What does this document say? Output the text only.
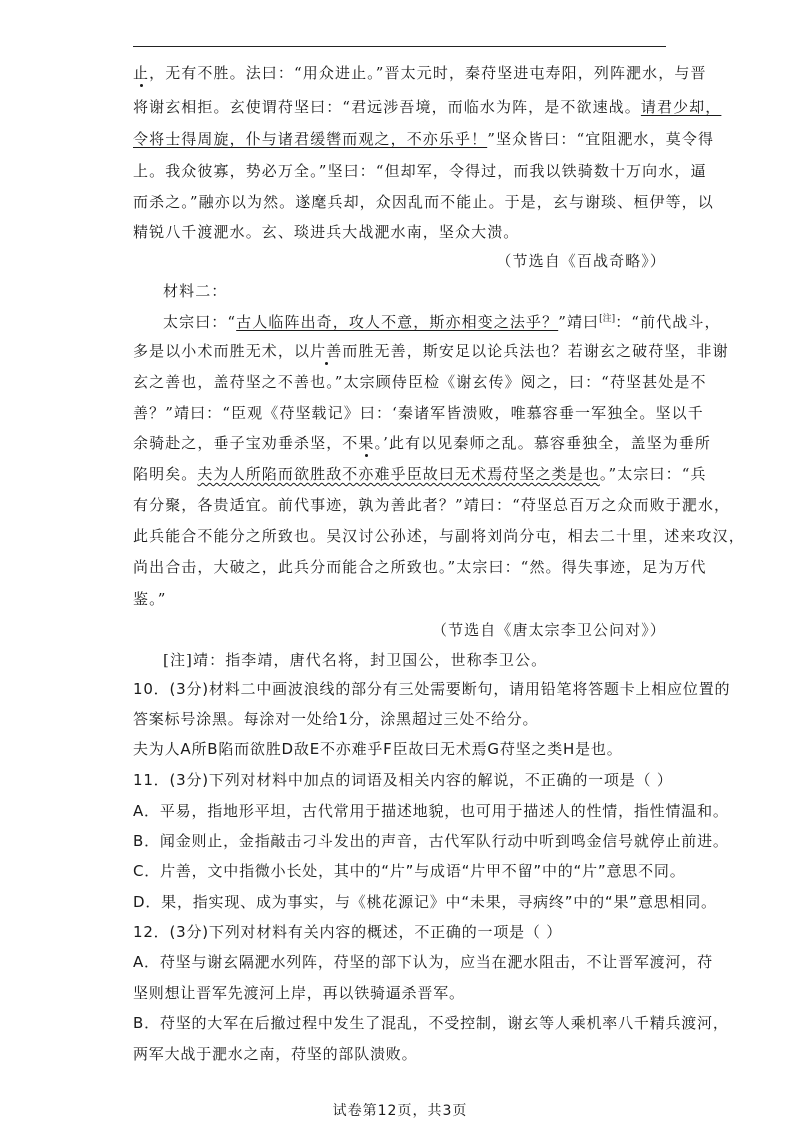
止，无有不胜。法曰：“用众进止。”晋太元时，秦苻坚进屯寿阳，列阵淝水，与晋
将谢玄相拒。玄使谓苻坚曰：“君远涉吾境，而临水为阵，是不欲速战。请君少却，
令将士得周旋，仆与诸君缓辔而观之，不亦乐乎！”坚众皆曰：“宜阻淝水，莫令得
上。我众彼寡，势必万全。”坚曰：“但却军，令得过，而我以铁骑数十万向水，逼
而杀之。”融亦以为然。遂麾兵却，众因乱而不能止。于是，玄与谢琰、桓伊等，以
精锐八千渡淝水。玄、琰进兵大战淝水南，坚众大溃。
（节选自《百战奇略》）
材料二：
太宗曰：“古人临阵出奇，攻人不意，斯亦相变之法乎？”靖曰[注]：“前代战斗，
多是以小术而胜无术，以片善而胜无善，斯安足以论兵法也？若谢玄之破苻坚，非谢
玄之善也，盖苻坚之不善也。”太宗顾侍臣检《谢玄传》阅之，曰：“苻坚甚处是不
善？”靖曰：“臣观《苻坚载记》曰：‘秦诸军皆溃败，唯慕容垂一军独全。坚以千
余骑赴之，垂子宝劝垂杀坚，不果。’此有以见秦师之乱。慕容垂独全，盖坚为垂所
陷明矣。夫为人所陷而欲胜敌不亦难乎臣故曰无术焉苻坚之类是也。”太宗曰：“兵
有分聚，各贵适宜。前代事迹，孰为善此者？”靖曰：“苻坚总百万之众而败于淝水，
此兵能合不能分之所致也。吴汉讨公孙述，与副将刘尚分屯，相去二十里，述来攻汉，
尚出合击，大破之，此兵分而能合之所致也。”太宗曰：“然。得失事迹，足为万代
鉴。”
（节选自《唐太宗李卫公问对》）
[注]靖：指李靖，唐代名将，封卫国公，世称李卫公。
10．(3分)材料二中画波浪线的部分有三处需要断句，请用铅笔将答题卡上相应位置的
答案标号涂黑。每涂对一处给1分，涂黑超过三处不给分。
夫为人A所B陷而欲胜D敌E不亦难乎F臣故曰无术焉G苻坚之类H是也。
11．(3分)下列对材料中加点的词语及相关内容的解说，不正确的一项是（ ）
A．平易，指地形平坦，古代常用于描述地貌，也可用于描述人的性情，指性情温和。
B．闻金则止，金指敲击刁斗发出的声音，古代军队行动中听到鸣金信号就停止前进。
C．片善，文中指微小长处，其中的“片”与成语“片甲不留”中的“片”意思不同。
D．果，指实现、成为事实，与《桃花源记》中“未果，寻病终”中的“果”意思相同。
12．(3分)下列对材料有关内容的概述，不正确的一项是（ ）
A．苻坚与谢玄隔淝水列阵，苻坚的部下认为，应当在淝水阻击，不让晋军渡河，苻
坚则想让晋军先渡河上岸，再以铁骑逼杀晋军。
B．苻坚的大军在后撤过程中发生了混乱，不受控制，谢玄等人乘机率八千精兵渡河，
两军大战于淝水之南，苻坚的部队溃败。
试卷第12页，共3页
